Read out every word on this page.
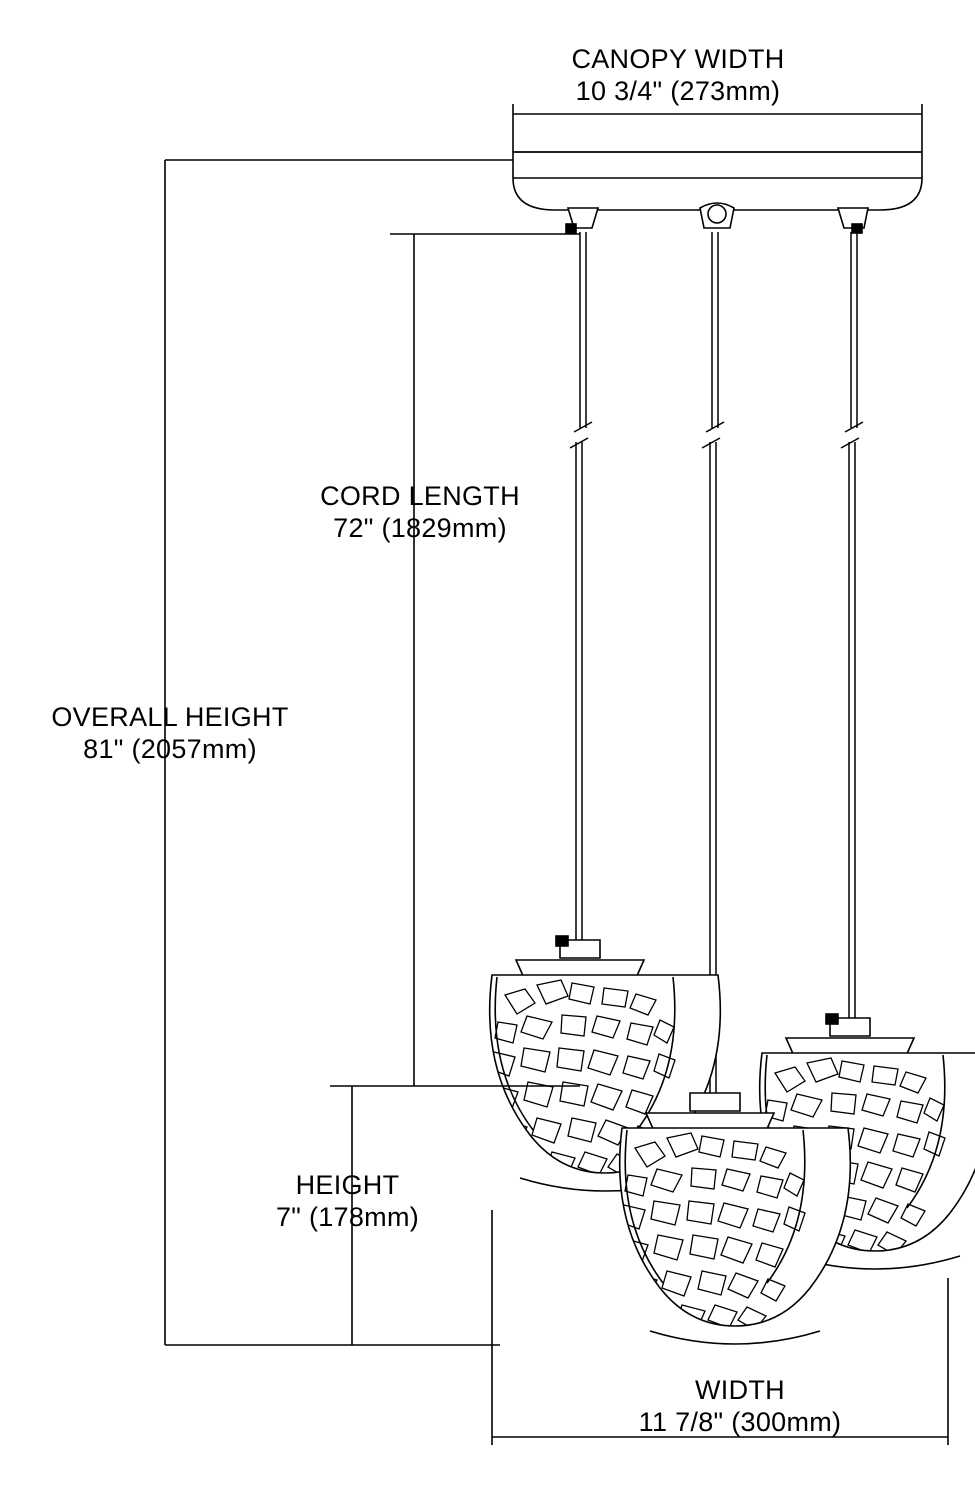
CANOPY WIDTH
10 3/4" (273mm)
CORD LENGTH
72" (1829mm)
OVERALL HEIGHT
81" (2057mm)
HEIGHT
7" (178mm)
WIDTH
11 7/8" (300mm)
